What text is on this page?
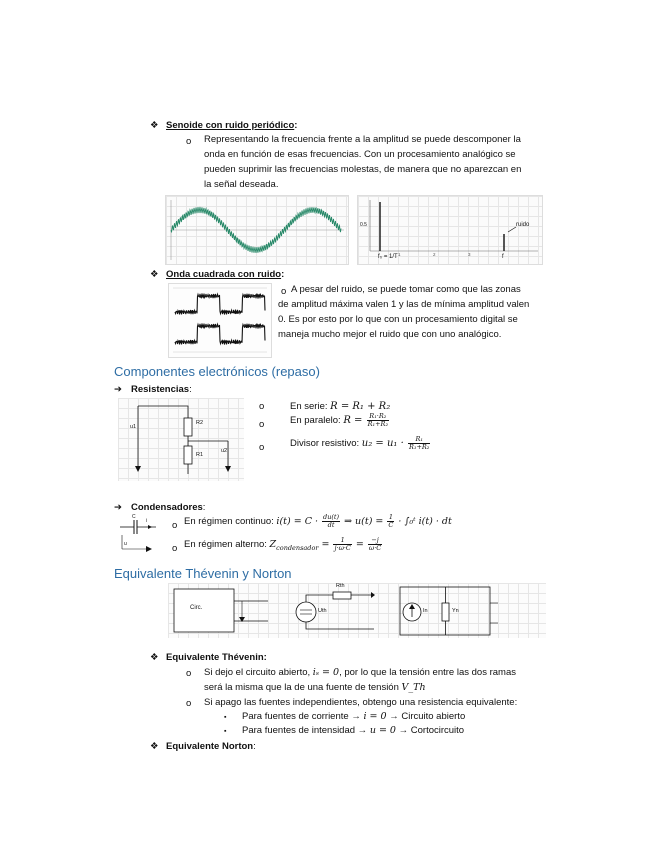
❖ Senoide con ruido periódico:
o Representando la frecuencia frente a la amplitud se puede descomponer la
onda en función de esas frecuencias. Con un procesamiento analógico se
pueden suprimir las frecuencias molestas, de manera que no aparezcan en
la señal deseada.
0.5
1	2	3
f₀ = 1/T	f
ruido
❖ Onda cuadrada con ruido:
o A pesar del ruido, se puede tomar como que las zonas
de amplitud máxima valen 1 y las de mínima amplitud valen
0. Es por esto por lo que con un procesamiento digital se
maneja mucho mejor el ruido que con uno analógico.
Componentes electrónicos (repaso)
➔ Resistencias:
u1
R2
R1
u2
o	En serie: R = R₁ + R₂
o	En paralelo: $R = \frac{\text{R₁·R₂}}{\text{R₁+R₂}}$
o	Divisor resistivo: $u_2 = u_1 \cdot \frac{\text{R₁}}{\text{R₁+R₂}}$
➔ Condensadores:
C
i
u
o En régimen continuo: $i(t) = C \cdot \frac{du(t)}{dt}$ ⇒ $u(t) = \frac{1}{C}$ · ∫₀ᵗ i(t) · dt
o En régimen alterno: $Z_{condensador} = \frac{1}{j\cdot\omega\cdot C} = \frac{-j}{\omega\cdot C}$
Equivalente Thévenin y Norton
Circ.
Rth
Uth	In	Yn
❖ Equivalente Thévenin:
o Si dejo el circuito abierto, iₛ = 0, por lo que la tensión entre las dos ramas
será la misma que la de una fuente de tensión V_Th
o Si apago las fuentes independientes, obtengo una resistencia equivalente:
▪ Para fuentes de corriente → i = 0 → Circuito abierto
▪ Para fuentes de intensidad → u = 0 → Cortocircuito
❖ Equivalente Norton:
